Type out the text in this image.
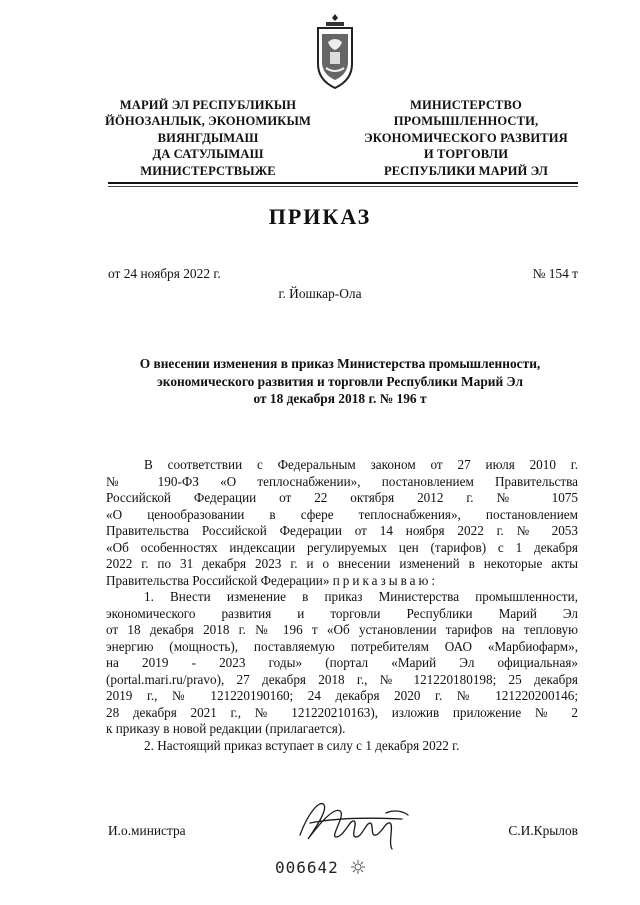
МАРИЙ ЭЛ РЕСПУБЛИКЫН
ЙӦНОЗАНЛЫК, ЭКОНОМИКЫМ
ВИЯНГДЫМАШ
ДА САТУЛЫМАШ
МИНИСТЕРСТВЫЖЕ
МИНИСТЕРСТВО
ПРОМЫШЛЕННОСТИ,
ЭКОНОМИЧЕСКОГО РАЗВИТИЯ
И ТОРГОВЛИ
РЕСПУБЛИКИ МАРИЙ ЭЛ
ПРИКАЗ
от 24 ноября 2022 г.	№ 154 т
г. Йошкар-Ола
О внесении изменения в приказ Министерства промышленности,
экономического развития и торговли Республики Марий Эл
от 18 декабря 2018 г. № 196 т
В соответствии с Федеральным законом от 27 июля 2010 г.
№ 190-ФЗ «О теплоснабжении», постановлением Правительства
Российской Федерации от 22 октября 2012 г. № 1075
«О ценообразовании в сфере теплоснабжения», постановлением
Правительства Российской Федерации от 14 ноября 2022 г. № 2053
«Об особенностях индексации регулируемых цен (тарифов) с 1 декабря
2022 г. по 31 декабря 2023 г. и о внесении изменений в некоторые акты
Правительства Российской Федерации» приказываю:
1. Внести изменение в приказ Министерства промышленности,
экономического развития и торговли Республики Марий Эл
от 18 декабря 2018 г. № 196 т «Об установлении тарифов на тепловую
энергию (мощность), поставляемую потребителям ОАО «Марбиофарм»,
на 2019 - 2023 годы» (портал «Марий Эл официальная»
(portal.mari.ru/pravo), 27 декабря 2018 г., № 121220180198; 25 декабря
2019 г., № 121220190160; 24 декабря 2020 г. № 121220200146;
28 декабря 2021 г., № 121220210163), изложив приложение № 2
к приказу в новой редакции (прилагается).
2. Настоящий приказ вступает в силу с 1 декабря 2022 г.
И.о.министра	С.И.Крылов
006642
